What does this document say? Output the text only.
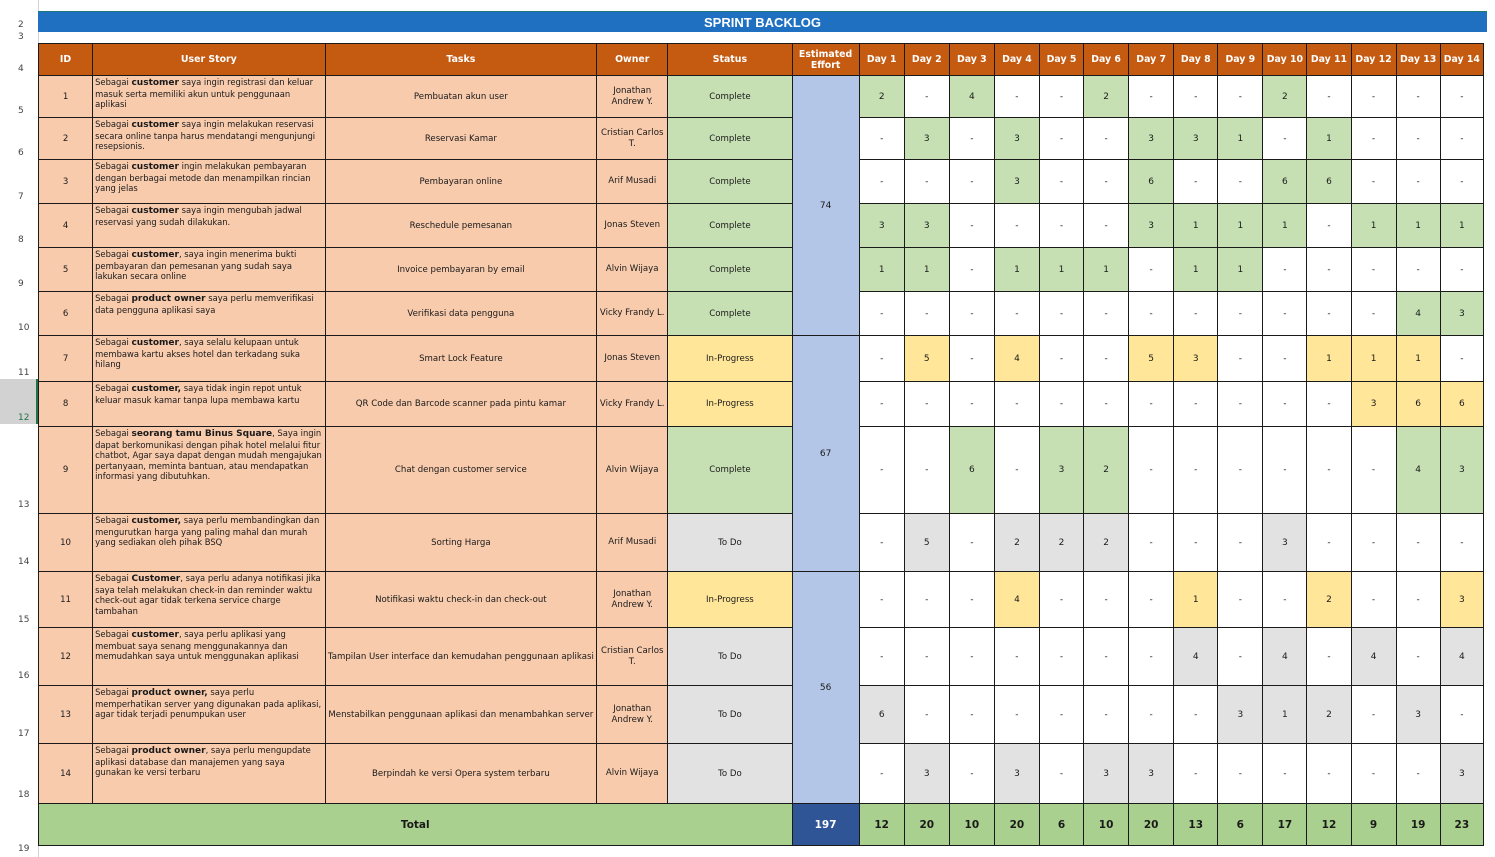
2
3
4
5
6
7
8
9
10
11
12
13
14
15
16
17
18
19
SPRINT BACKLOG
ID	User Story	Tasks	Owner	Status	Estimated Effort	Day 1	Day 2	Day 3	Day 4	Day 5	Day 6	Day 7	Day 8	Day 9	Day 10	Day 11	Day 12	Day 13	Day 14
1	Sebagai customer saya ingin registrasi dan keluar masuk serta memiliki akun untuk penggunaan aplikasi	Pembuatan akun user	Jonathan Andrew Y.	Complete	74	2	-	4	-	-	2	-	-	-	2	-	-	-	-
2	Sebagai customer saya ingin melakukan reservasi secara online tanpa harus mendatangi mengunjungi resepsionis.	Reservasi Kamar	Cristian Carlos T.	Complete		-	3	-	3	-	-	3	3	1	-	1	-	-	-
3	Sebagai customer ingin melakukan pembayaran dengan berbagai metode dan menampilkan rincian yang jelas	Pembayaran online	Arif Musadi	Complete		-	-	-	3	-	-	6	-	-	6	6	-	-	-
4	Sebagai customer saya ingin mengubah jadwal reservasi yang sudah dilakukan.	Reschedule pemesanan	Jonas Steven	Complete		3	3	-	-	-	-	3	1	1	1	-	1	1	1
5	Sebagai customer, saya ingin menerima bukti pembayaran dan pemesanan yang sudah saya lakukan secara online	Invoice pembayaran by email	Alvin Wijaya	Complete		1	1	-	1	1	1	-	1	1	-	-	-	-	-
6	Sebagai product owner saya perlu memverifikasi data pengguna aplikasi saya	Verifikasi data pengguna	Vicky Frandy L.	Complete		-	-	-	-	-	-	-	-	-	-	-	-	4	3
7	Sebagai customer, saya selalu kelupaan untuk membawa kartu akses hotel dan terkadang suka hilang	Smart Lock Feature	Jonas Steven	In-Progress	67	-	5	-	4	-	-	5	3	-	-	1	1	1	-
8	Sebagai customer, saya tidak ingin repot untuk keluar masuk kamar tanpa lupa membawa kartu	QR Code dan Barcode scanner pada pintu kamar	Vicky Frandy L.	In-Progress		-	-	-	-	-	-	-	-	-	-	-	3	6	6
9	Sebagai seorang tamu Binus Square, Saya ingin dapat berkomunikasi dengan pihak hotel melalui fitur chatbot, Agar saya dapat dengan mudah mengajukan pertanyaan, meminta bantuan, atau mendapatkan informasi yang dibutuhkan.	Chat dengan customer service	Alvin Wijaya	Complete		-	-	6	-	3	2	-	-	-	-	-	-	4	3
10	Sebagai customer, saya perlu membandingkan dan mengurutkan harga yang paling mahal dan murah yang sediakan oleh pihak BSQ	Sorting Harga	Arif Musadi	To Do		-	5	-	2	2	2	-	-	-	3	-	-	-	-
11	Sebagai Customer, saya perlu adanya notifikasi jika saya telah melakukan check-in dan reminder waktu check-out agar tidak terkena service charge tambahan	Notifikasi waktu check-in dan check-out	Jonathan Andrew Y.	In-Progress	56	-	-	-	4	-	-	-	1	-	-	2	-	-	3
12	Sebagai customer, saya perlu aplikasi yang membuat saya senang menggunakannya dan memudahkan saya untuk menggunakan aplikasi	Tampilan User interface dan kemudahan penggunaan aplikasi	Cristian Carlos T.	To Do		-	-	-	-	-	-	-	4	-	4	-	4	-	4
13	Sebagai product owner, saya perlu memperhatikan server yang digunakan pada aplikasi, agar tidak terjadi penumpukan user	Menstabilkan penggunaan aplikasi dan menambahkan server	Jonathan Andrew Y.	To Do		6	-	-	-	-	-	-	-	3	1	2	-	3	-
14	Sebagai product owner, saya perlu mengupdate aplikasi database dan manajemen yang saya gunakan ke versi terbaru	Berpindah ke versi Opera system terbaru	Alvin Wijaya	To Do		-	3	-	3	-	3	3	-	-	-	-	-	-	3
Total					197	12	20	10	20	6	10	20	13	6	17	12	9	19	23
